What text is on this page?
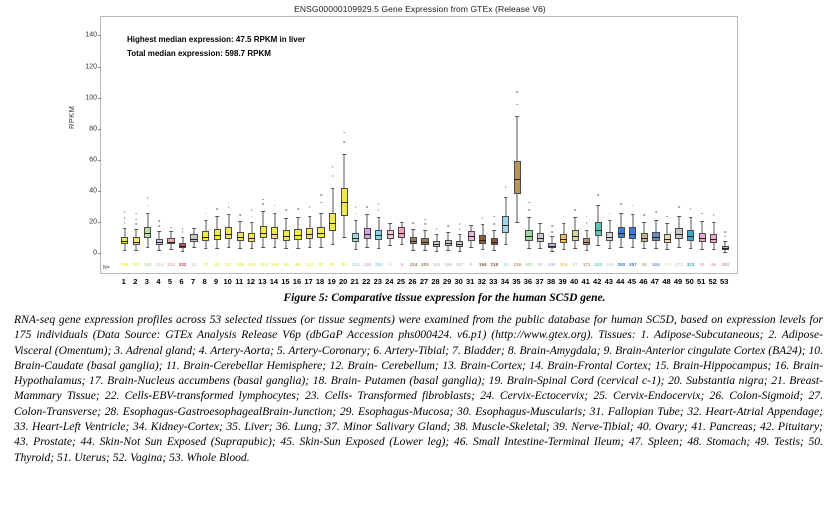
ENSG00000109929.5 Gene Expression from GTEx (Release V6)
RPKM
0
20
40
60
80
100
120
140	Highest median expression: 47.5 RPKM in liver
Total median expression: 598.7 RPKM
N=
298 297 145 224 133 332 11 72 84 117 105 125 114 108 94 96 113 97 82 81 214 118 284 6 5 124 203 153 286 247 6 194 218 32 119 320 57 430 304 97 171 103 106 250 357 88 104 170 172 323 91 96 393
1 2 3 4 5 6 7 8 9 10 11 12 13 14 15 16 17 18 19 20 21 22 23 24 25 26 27 28 29 30 31 32 33 34 35 36 37 38 39 40 41 42 43 44 45 46 47 48 49 50 51 52 53
Figure 5: Comparative tissue expression for the human SC5D gene.

RNA-seq gene expression profiles across 53 selected tissues (or tissue segments) were examined from the public database for human SC5D, based on expression levels for 175 individuals (Data Source: GTEx Analysis Release V6p (dbGaP Accession phs000424. v6.p1) (http://www.gtex.org). Tissues: 1. Adipose-Subcutaneous; 2. Adipose-Visceral (Omentum); 3. Adrenal gland; 4. Artery-Aorta; 5. Artery-Coronary; 6. Artery-Tibial; 7. Bladder; 8. Brain-Amygdala; 9. Brain-Anterior cingulate Cortex (BA24); 10. Brain-Caudate (basal ganglia); 11. Brain-Cerebellar Hemisphere; 12. Brain- Cerebellum; 13. Brain-Cortex; 14. Brain-Frontal Cortex; 15. Brain-Hippocampus; 16. Brain-Hypothalamus; 17. Brain-Nucleus accumbens (basal ganglia); 18. Brain- Putamen (basal ganglia); 19. Brain-Spinal Cord (cervical c-1); 20. Substantia nigra; 21. Breast-Mammary Tissue; 22. Cells-EBV-transformed lymphocytes; 23. Cells- Transformed fibroblasts; 24. Cervix-Ectocervix; 25. Cervix-Endocervix; 26. Colon-Sigmoid; 27. Colon-Transverse; 28. Esophagus-GastroesophagealBrain-Junction; 29. Esophagus-Mucosa; 30. Esophagus-Muscularis; 31. Fallopian Tube; 32. Heart-Atrial Appendage; 33. Heart-Left Ventricle; 34. Kidney-Cortex; 35. Liver; 36. Lung; 37. Minor Salivary Gland; 38. Muscle-Skeletal; 39. Nerve-Tibial; 40. Ovary; 41. Pancreas; 42. Pituitary; 43. Prostate; 44. Skin-Not Sun Exposed (Suprapubic); 45. Skin-Sun Exposed (Lower leg); 46. Small Intestine-Terminal Ileum; 47. Spleen; 48. Stomach; 49. Testis; 50. Thyroid; 51. Uterus; 52. Vagina; 53. Whole Blood.
